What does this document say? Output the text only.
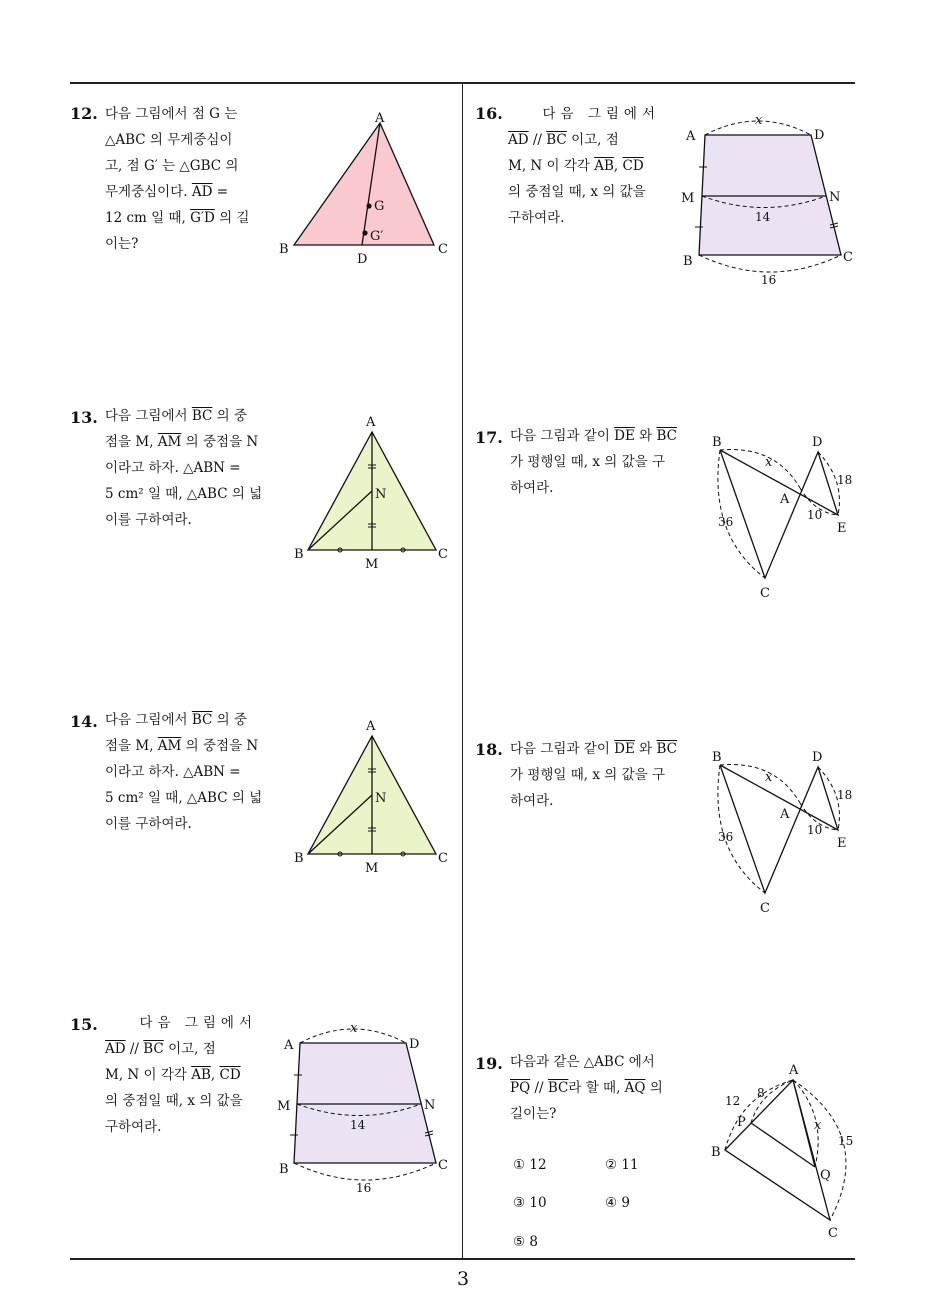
12. 다음 그림에서 점 G 는
△ABC 의 무게중심이
고, 점 G′ 는 △GBC 의
무게중심이다. $\overline{AD}$ =
12 cm 일 때, G′D 의 길
이는?
A
B	C
D
G
G′
13. 다음 그림에서 $\overline{BC}$ 의 중
점을 M, $\overline{AM}$ 의 중점을 N
이라고 하자. △ABN =
5 cm² 일 때, △ABC 의 넓
이를 구하여라.
A
B	C
M
N
14. 다음 그림에서 $\overline{BC}$ 의 중
점을 M, $\overline{AM}$ 의 중점을 N
이라고 하자. △ABN =
5 cm² 일 때, △ABC 의 넓
이를 구하여라.
A
B	C
M
N
15.	다음 그림에서
$\overline{AD} // \overline{BC}$ 이고, 점
M, N 이 각각 $\overline{AB}$, $\overline{CD}$
의 중점일 때, x 의 값을
구하여라.
x
14
16
A	D
M	N
B	C
16.	다음 그림에서
$\overline{AD} // \overline{BC}$ 이고, 점
M, N 이 각각 $\overline{AB}$, $\overline{CD}$
의 중점일 때, x 의 값을
구하여라.
x
14
16
A	D
M	N
B	C
17. 다음 그림과 같이 $\overline{DE}$ 와 $\overline{BC}$
가 평행일 때, x 의 값을 구
하여라.
B	D
A
E
C
x
18
10
36
18. 다음 그림과 같이 $\overline{DE}$ 와 $\overline{BC}$
가 평행일 때, x 의 값을 구
하여라.
B	D
A
E
C
x
18
10
36
19. 다음과 같은 △ABC 에서
$\overline{PQ} // \overline{BC}$라 할 때, $\overline{AQ}$ 의
길이는?
① 12	② 11
③ 10	④ 9
⑤ 8
A
B
C
P
Q
12
8
x
15
3
